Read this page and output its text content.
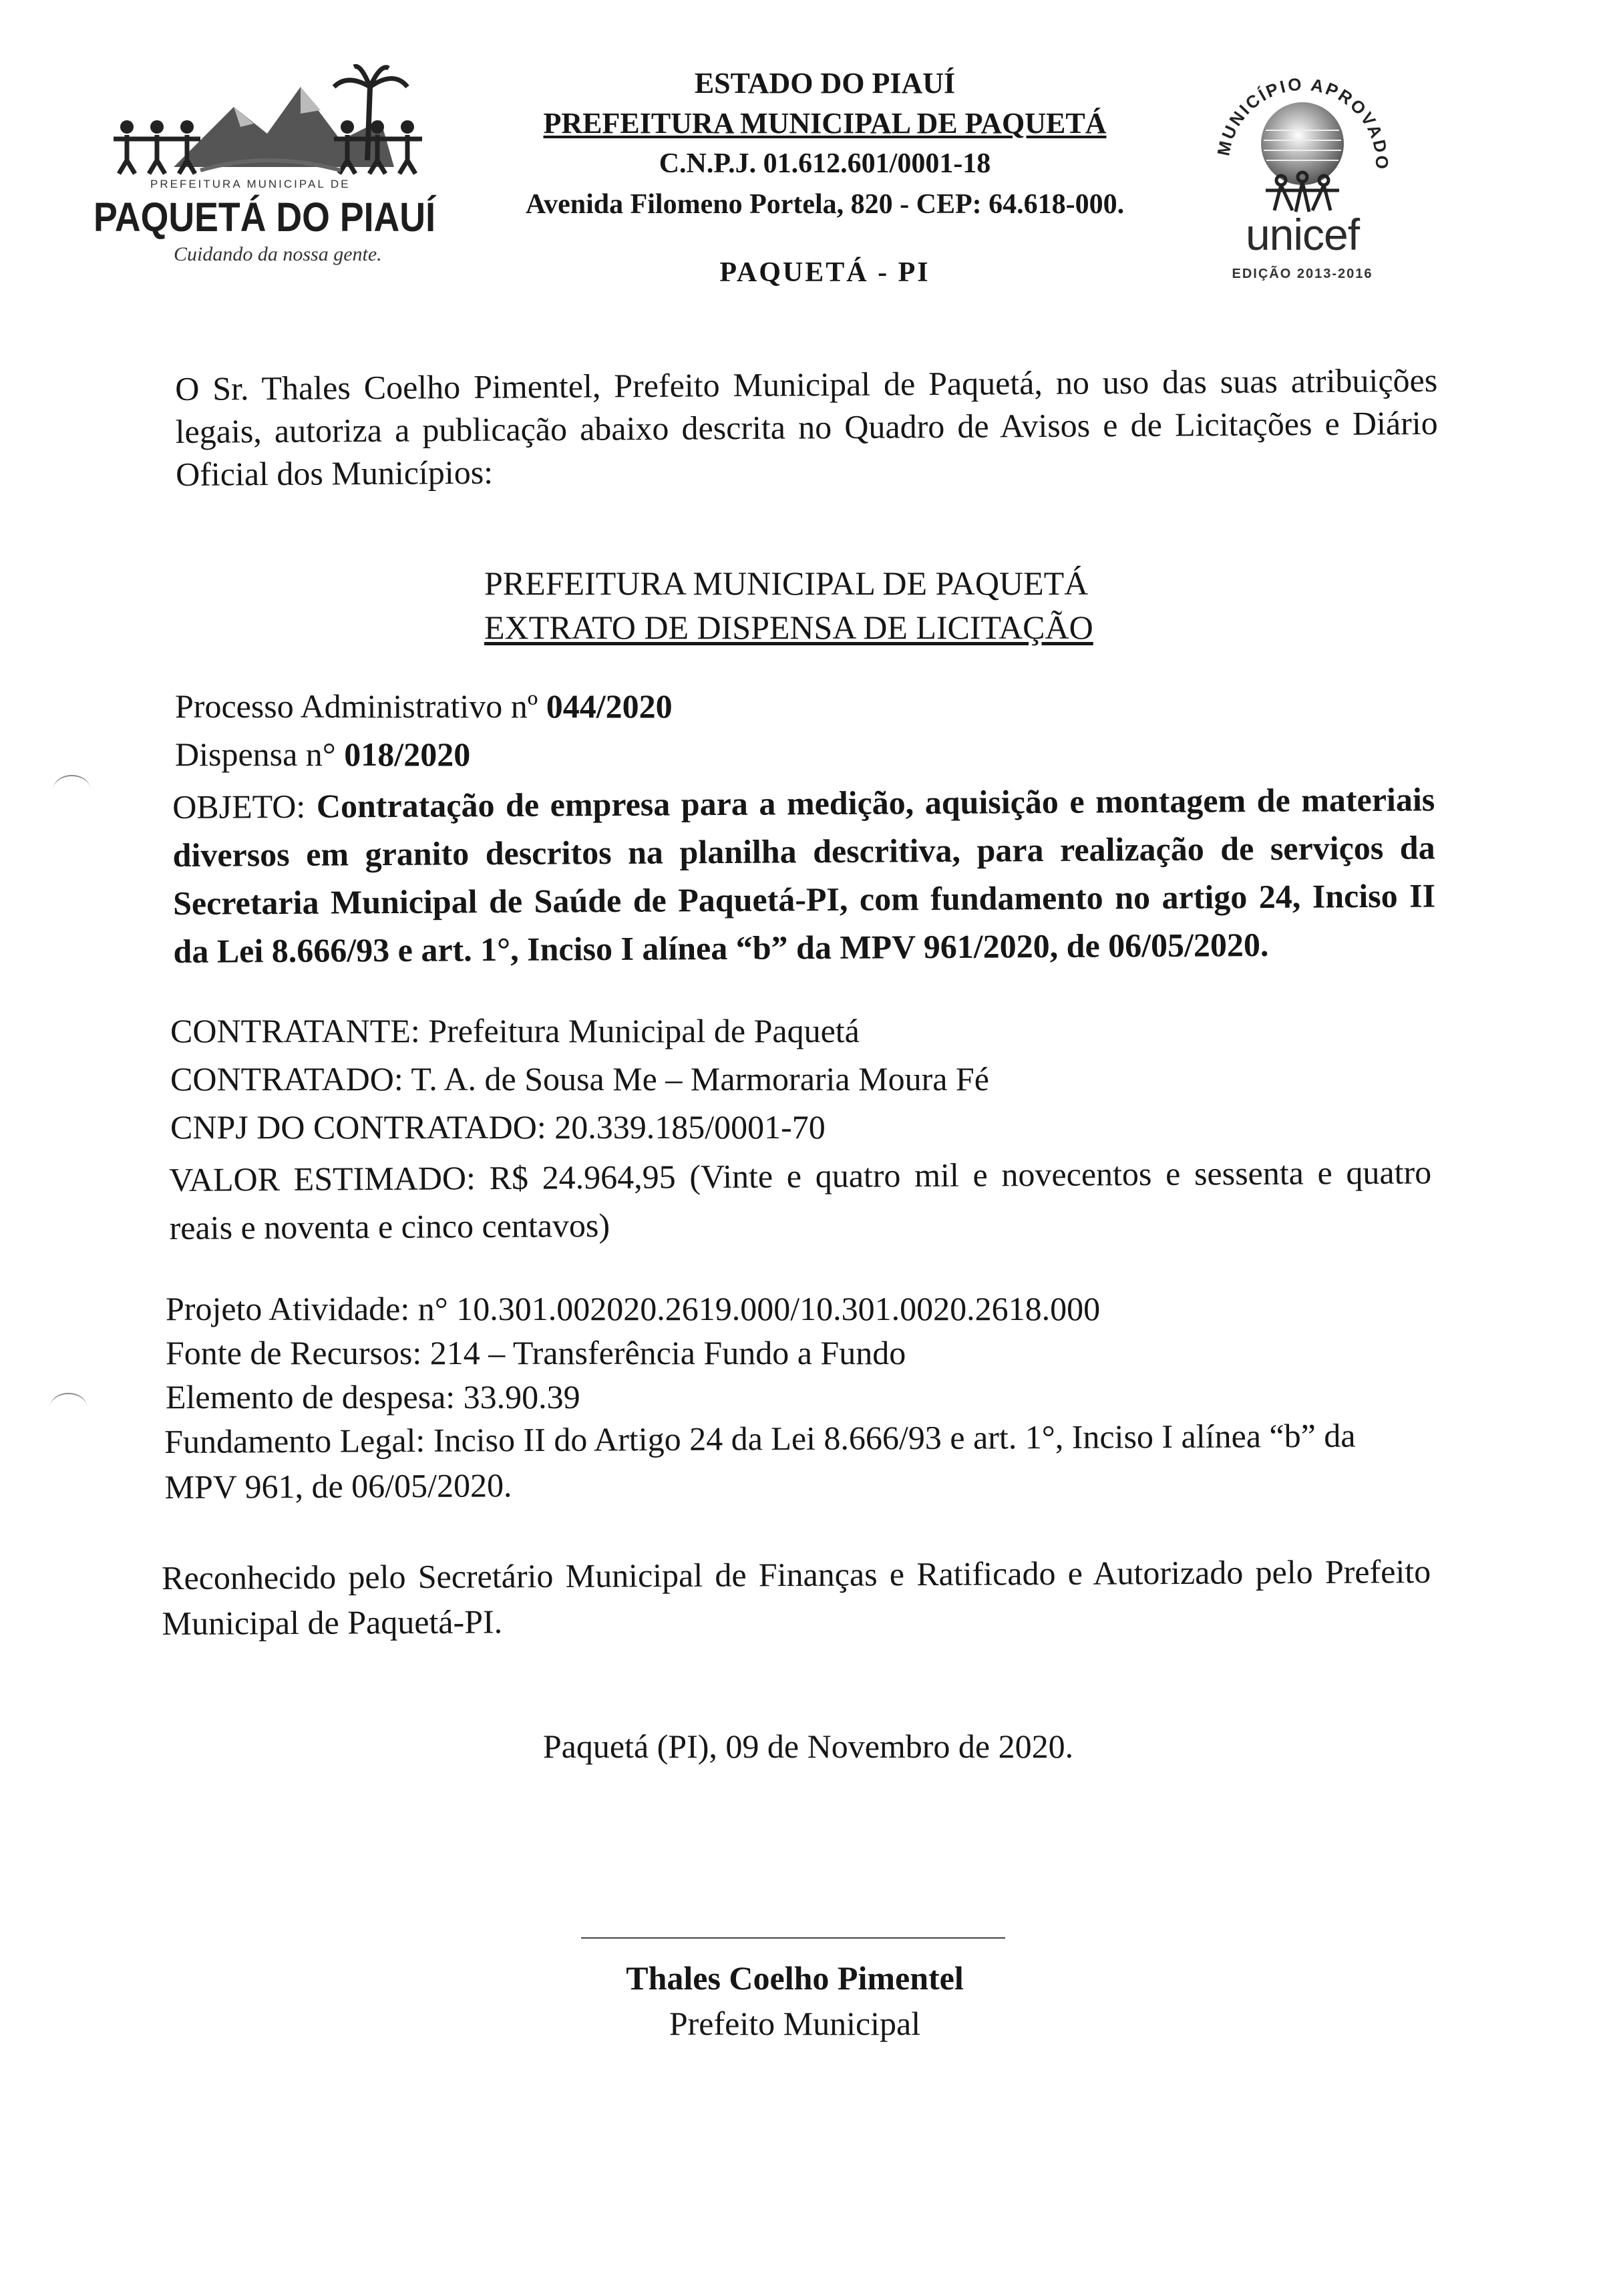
PREFEITURA MUNICIPAL DE
PAQUETÁ DO PIAUÍ
Cuidando da nossa gente.
ESTADO DO PIAUÍ
PREFEITURA MUNICIPAL DE PAQUETÁ
C.N.P.J. 01.612.601/0001-18
Avenida Filomeno Portela, 820 - CEP: 64.618-000.
PAQUETÁ - PI
MUNICÍPIO APROVADO
unicef
EDIÇÃO 2013-2016
O Sr. Thales Coelho Pimentel, Prefeito Municipal de Paquetá, no uso das suas atribuições legais, autoriza a publicação abaixo descrita no Quadro de Avisos e de Licitações e Diário Oficial dos Municípios:
PREFEITURA MUNICIPAL DE PAQUETÁ
EXTRATO DE DISPENSA DE LICITAÇÃO
Processo Administrativo nº 044/2020
Dispensa n° 018/2020
OBJETO: Contratação de empresa para a medição, aquisição e montagem de materiais diversos em granito descritos na planilha descritiva, para realização de serviços da Secretaria Municipal de Saúde de Paquetá-PI, com fundamento no artigo 24, Inciso II da Lei 8.666/93 e art. 1°, Inciso I alínea “b” da MPV 961/2020, de 06/05/2020.
CONTRATANTE: Prefeitura Municipal de Paquetá
CONTRATADO: T. A. de Sousa Me – Marmoraria Moura Fé
CNPJ DO CONTRATADO: 20.339.185/0001-70
VALOR ESTIMADO: R$ 24.964,95 (Vinte e quatro mil e novecentos e sessenta e quatro reais e noventa e cinco centavos)
Projeto Atividade: n° 10.301.002020.2619.000/10.301.0020.2618.000
Fonte de Recursos: 214 – Transferência Fundo a Fundo
Elemento de despesa: 33.90.39
Fundamento Legal: Inciso II do Artigo 24 da Lei 8.666/93 e art. 1°, Inciso I alínea “b” da MPV 961, de 06/05/2020.
Reconhecido pelo Secretário Municipal de Finanças e Ratificado e Autorizado pelo Prefeito Municipal de Paquetá-PI.
Paquetá (PI), 09 de Novembro de 2020.
Thales Coelho Pimentel
Prefeito Municipal
